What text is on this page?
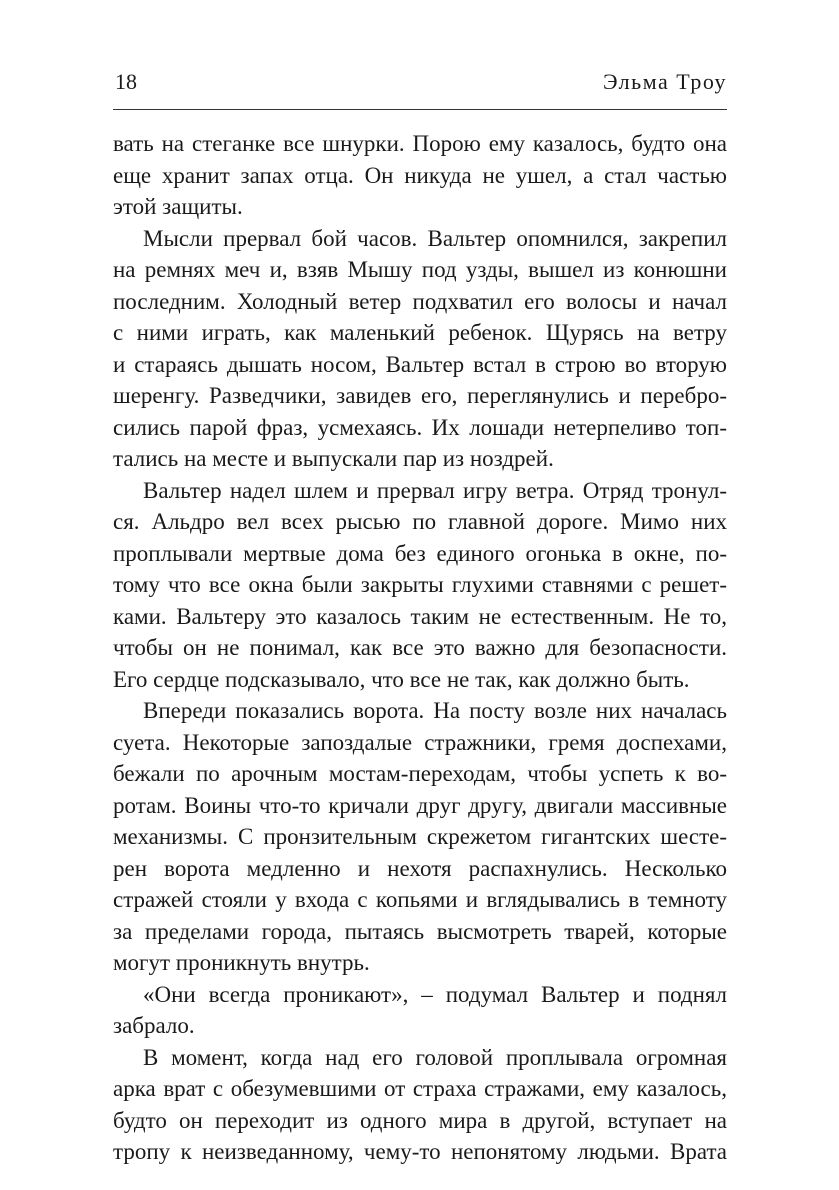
18	Эльма Троу
вать на стеганке все шнурки. Порою ему казалось, будто она
еще хранит запах отца. Он никуда не ушел, а стал частью
этой защиты.
Мысли прервал бой часов. Вальтер опомнился, закрепил
на ремнях меч и, взяв Мышу под узды, вышел из конюшни
последним. Холодный ветер подхватил его волосы и начал
с ними играть, как маленький ребенок. Щурясь на ветру
и стараясь дышать носом, Вальтер встал в строю во вторую
шеренгу. Разведчики, завидев его, переглянулись и перебро-
сились парой фраз, усмехаясь. Их лошади нетерпеливо топ-
тались на месте и выпускали пар из ноздрей.
Вальтер надел шлем и прервал игру ветра. Отряд тронул-
ся. Альдро вел всех рысью по главной дороге. Мимо них
проплывали мертвые дома без единого огонька в окне, по-
тому что все окна были закрыты глухими ставнями с решет-
ками. Вальтеру это казалось таким не естественным. Не то,
чтобы он не понимал, как все это важно для безопасности.
Его сердце подсказывало, что все не так, как должно быть.
Впереди показались ворота. На посту возле них началась
суета. Некоторые запоздалые стражники, гремя доспехами,
бежали по арочным мостам-переходам, чтобы успеть к во-
ротам. Воины что-то кричали друг другу, двигали массивные
механизмы. С пронзительным скрежетом гигантских шесте-
рен ворота медленно и нехотя распахнулись. Несколько
стражей стояли у входа с копьями и вглядывались в темноту
за пределами города, пытаясь высмотреть тварей, которые
могут проникнуть внутрь.
«Они всегда проникают», – подумал Вальтер и поднял
забрало.
В момент, когда над его головой проплывала огромная
арка врат с обезумевшими от страха стражами, ему казалось,
будто он переходит из одного мира в другой, вступает на
тропу к неизведанному, чему-то непонятому людьми. Врата
